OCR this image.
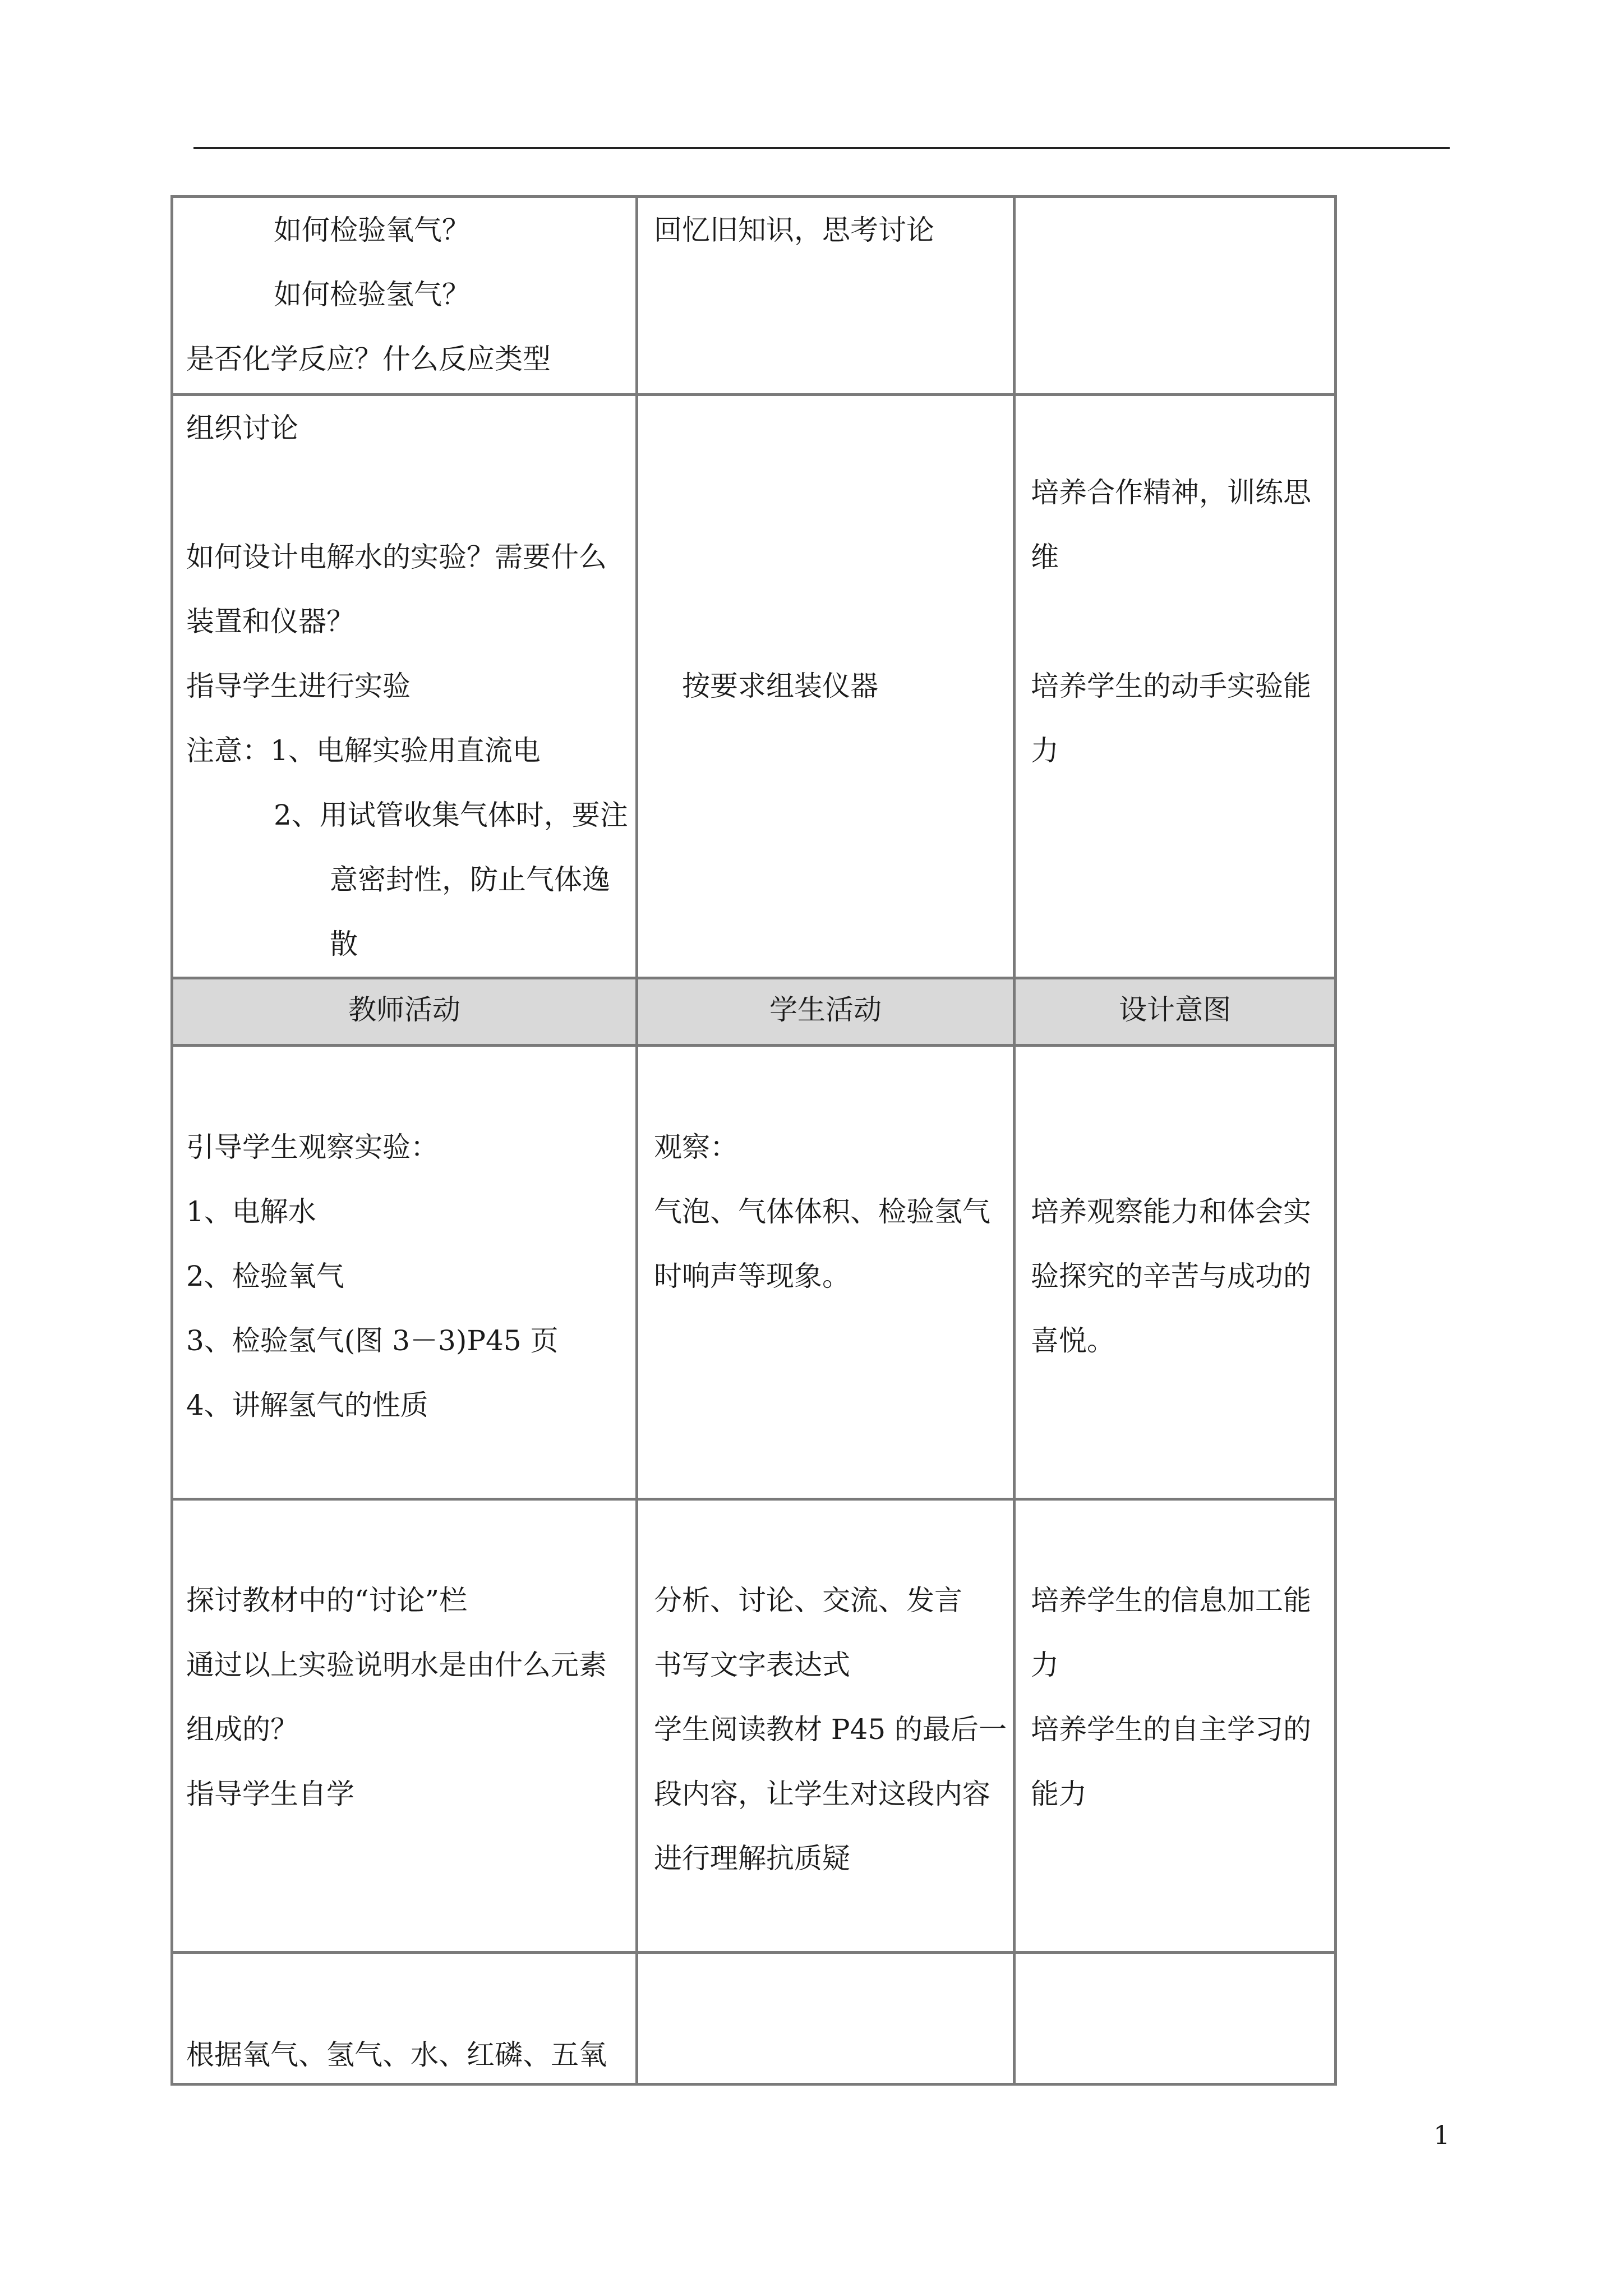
教师活动	学生活动	设计意图
如何检验氧气？
如何检验氢气？
是否化学反应？什么反应类型
回忆旧知识，思考讨论
组织讨论
如何设计电解水的实验？需要什么
装置和仪器？
指导学生进行实验
注意：1、电解实验用直流电
2、用试管收集气体时，要注
意密封性，防止气体逸
散
按要求组装仪器
培养合作精神，训练思
维
培养学生的动手实验能
力
引导学生观察实验：
1、电解水
2、检验氧气
3、检验氢气(图 3－3)P45 页
4、讲解氢气的性质
观察：
气泡、气体体积、检验氢气
时响声等现象。
培养观察能力和体会实
验探究的辛苦与成功的
喜悦。
探讨教材中的“讨论”栏
通过以上实验说明水是由什么元素
组成的？
指导学生自学
分析、讨论、交流、发言
书写文字表达式
学生阅读教材 P45 的最后一
段内容，让学生对这段内容
进行理解抗质疑
培养学生的信息加工能
力
培养学生的自主学习的
能力
根据氧气、氢气、水、红磷、五氧
1
